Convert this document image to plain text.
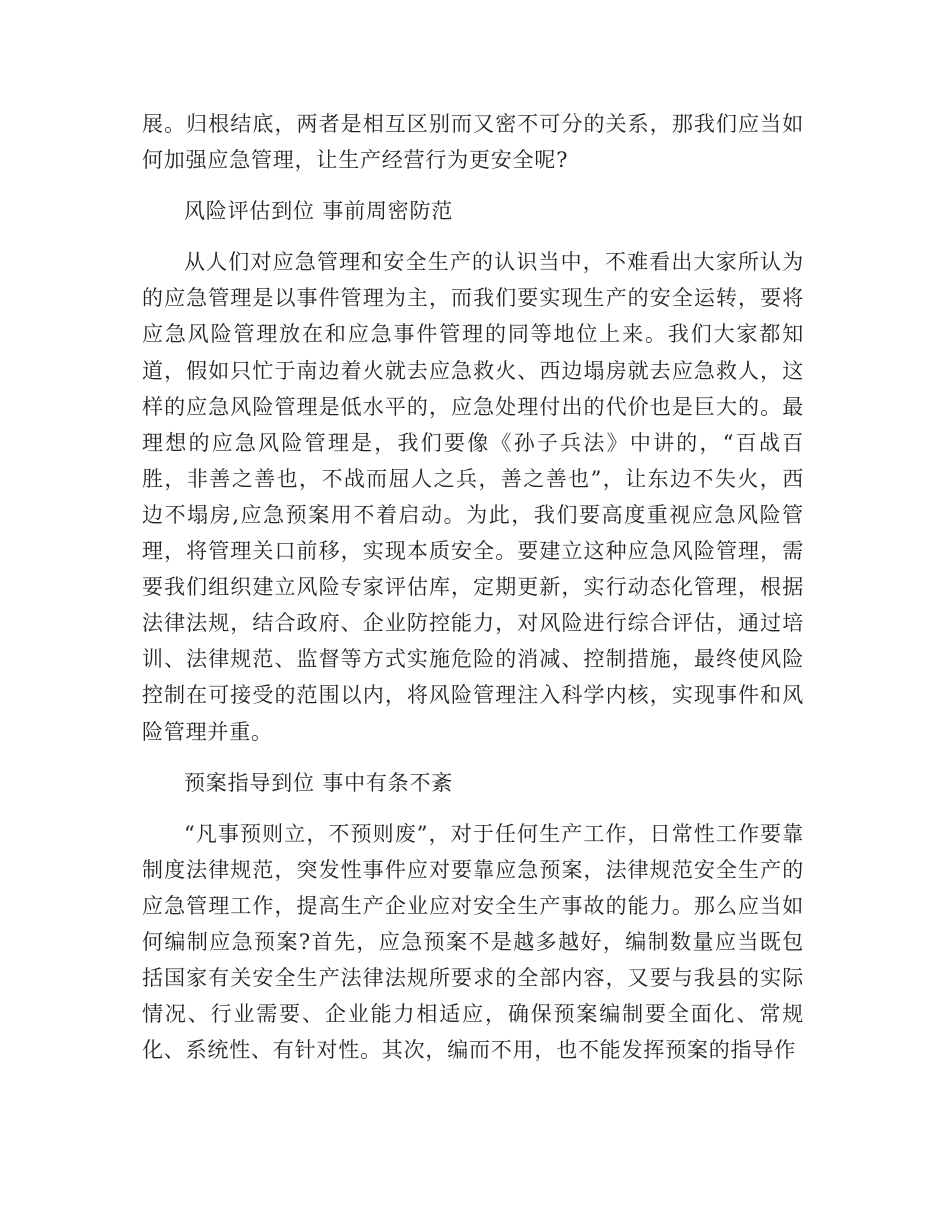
展。归根结底，两者是相互区别而又密不可分的关系，那我们应当如何加强应急管理，让生产经营行为更安全呢?

风险评估到位 事前周密防范

从人们对应急管理和安全生产的认识当中，不难看出大家所认为的应急管理是以事件管理为主，而我们要实现生产的安全运转，要将应急风险管理放在和应急事件管理的同等地位上来。我们大家都知道，假如只忙于南边着火就去应急救火、西边塌房就去应急救人，这样的应急风险管理是低水平的，应急处理付出的代价也是巨大的。最理想的应急风险管理是，我们要像《孙子兵法》中讲的，“百战百胜，非善之善也，不战而屈人之兵，善之善也”，让东边不失火，西边不塌房,应急预案用不着启动。为此，我们要高度重视应急风险管理，将管理关口前移，实现本质安全。要建立这种应急风险管理，需要我们组织建立风险专家评估库，定期更新，实行动态化管理，根据法律法规，结合政府、企业防控能力，对风险进行综合评估，通过培训、法律规范、监督等方式实施危险的消减、控制措施，最终使风险控制在可接受的范围以内，将风险管理注入科学内核，实现事件和风险管理并重。

预案指导到位 事中有条不紊

“凡事预则立，不预则废”，对于任何生产工作，日常性工作要靠制度法律规范，突发性事件应对要靠应急预案，法律规范安全生产的应急管理工作，提高生产企业应对安全生产事故的能力。那么应当如何编制应急预案?首先，应急预案不是越多越好，编制数量应当既包括国家有关安全生产法律法规所要求的全部内容，又要与我县的实际情况、行业需要、企业能力相适应，确保预案编制要全面化、常规化、系统性、有针对性。其次，编而不用，也不能发挥预案的指导作
